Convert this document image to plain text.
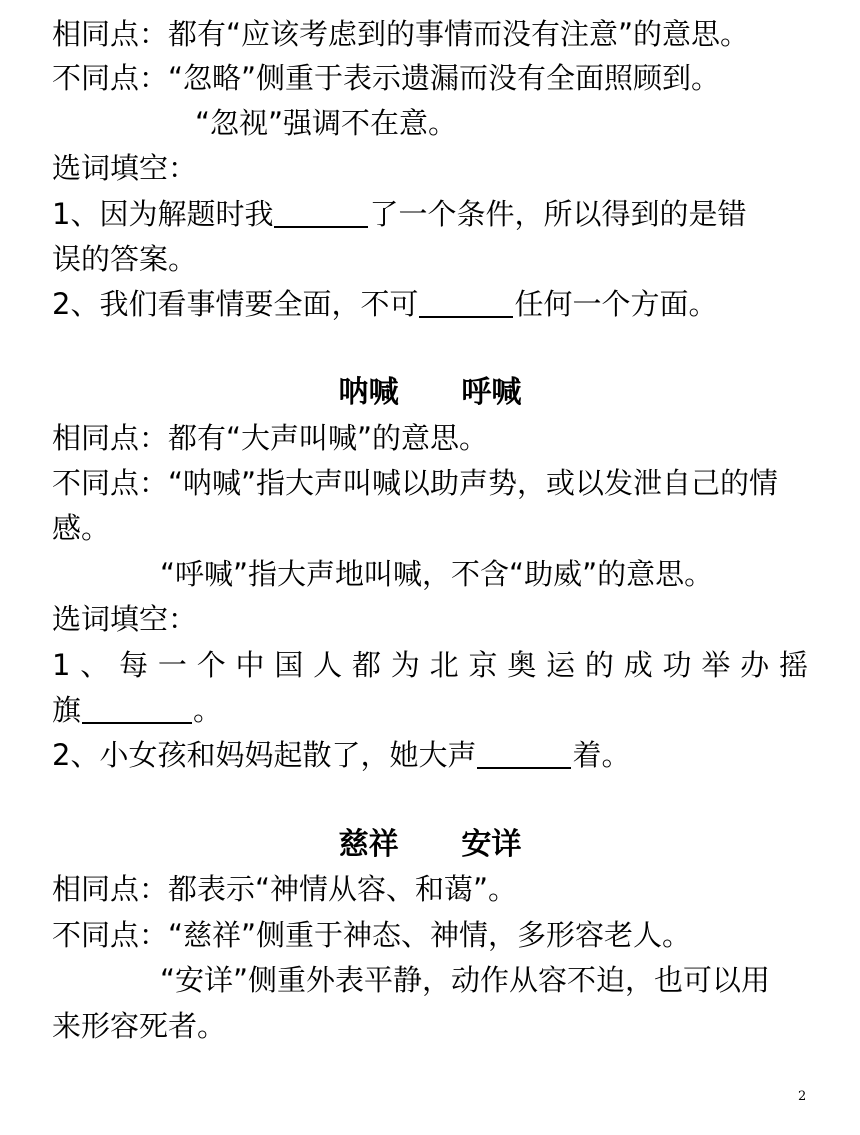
相同点：都有“应该考虑到的事情而没有注意”的意思。
不同点：“忽略”侧重于表示遗漏而没有全面照顾到。
“忽视”强调不在意。
选词填空：
1、因为解题时我	了一个条件，所以得到的是错
误的答案。
2、我们看事情要全面，不可	任何一个方面。
呐喊      呼喊
相同点：都有“大声叫喊”的意思。
不同点：“呐喊”指大声叫喊以助声势，或以发泄自己的情
感。
“呼喊”指大声地叫喊，不含“助威”的意思。
选词填空：
1、每一个中国人都为北京奥运的成功举办摇
旗	。
2、小女孩和妈妈起散了，她大声	着。
慈祥      安详
相同点：都表示“神情从容、和蔼”。
不同点：“慈祥”侧重于神态、神情，多形容老人。
“安详”侧重外表平静，动作从容不迫，也可以用
来形容死者。
2
